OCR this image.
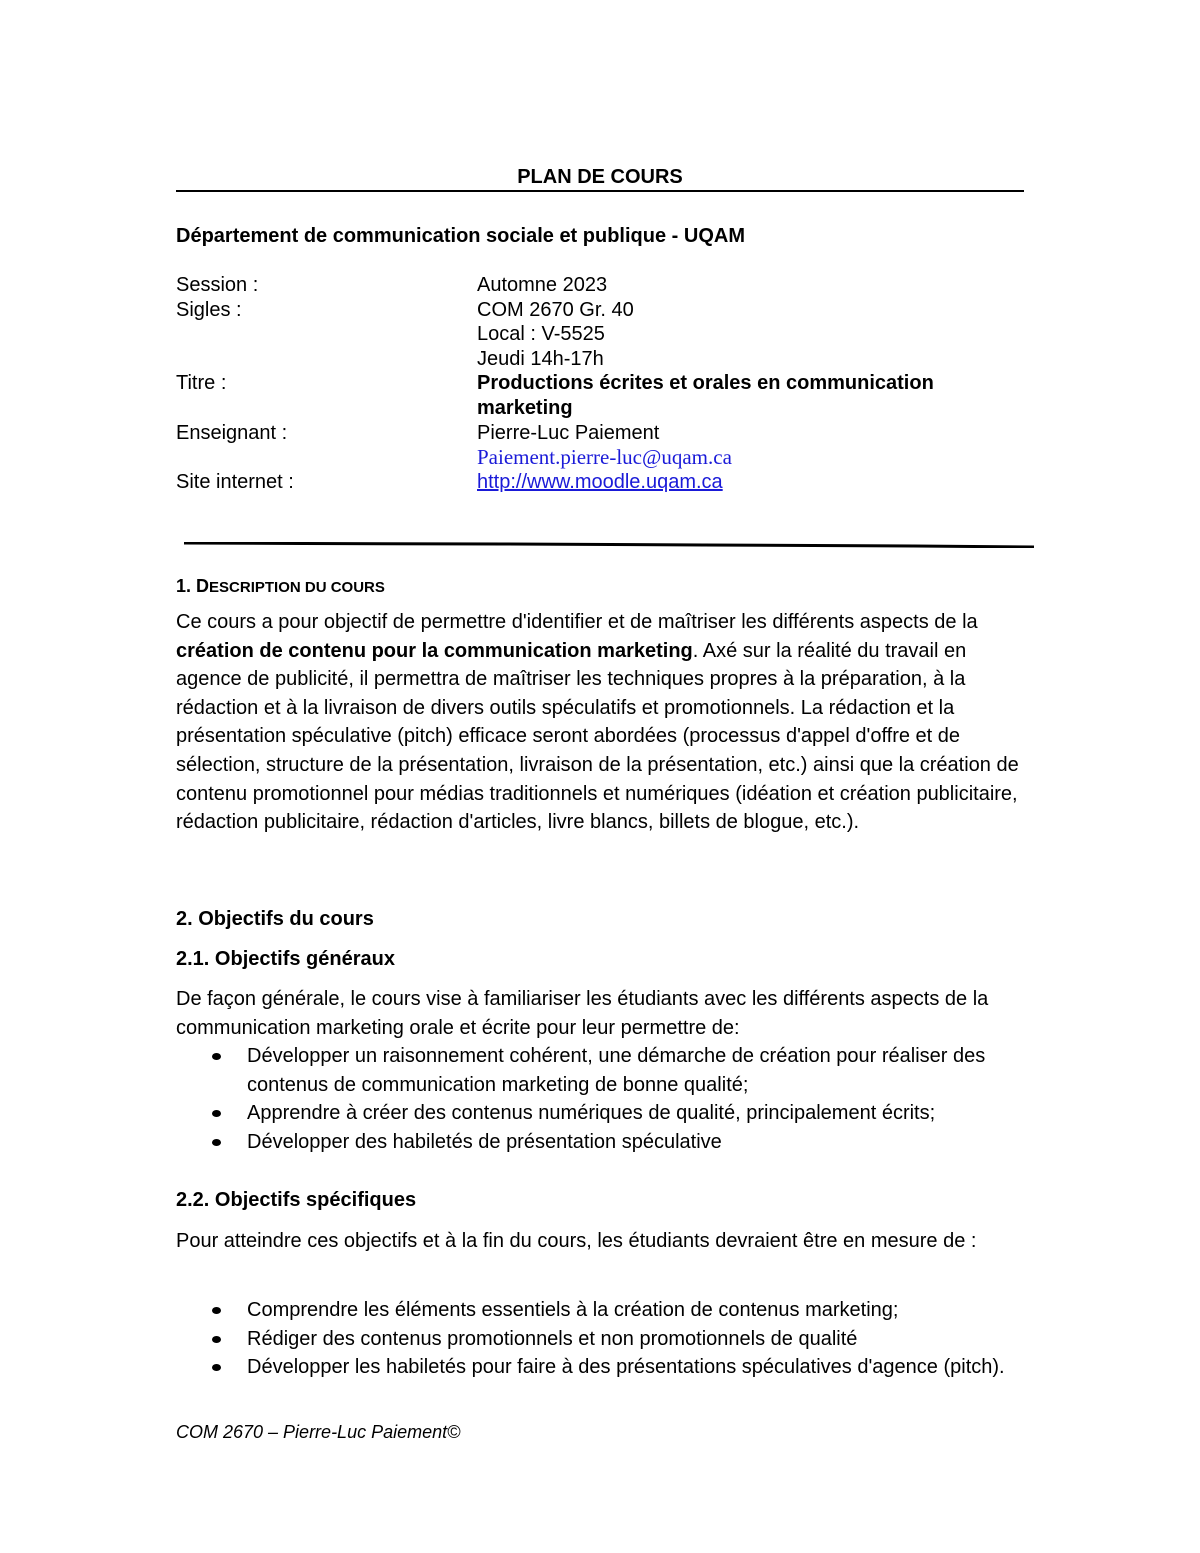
PLAN DE COURS
Département de communication sociale et publique - UQAM
Session :	Automne 2023
Sigles :	COM 2670 Gr. 40
Local : V-5525
Jeudi 14h-17h
Titre :	Productions écrites et orales en communication marketing
Enseignant :	Pierre-Luc Paiement
Paiement.pierre-luc@uqam.ca
Site internet :	http://www.moodle.uqam.ca
1. DESCRIPTION DU COURS
Ce cours a pour objectif de permettre d'identifier et de maîtriser les différents aspects de la création de contenu pour la communication marketing. Axé sur la réalité du travail en agence de publicité, il permettra de maîtriser les techniques propres à la préparation, à la rédaction et à la livraison de divers outils spéculatifs et promotionnels. La rédaction et la présentation spéculative (pitch) efficace seront abordées (processus d'appel d'offre et de sélection, structure de la présentation, livraison de la présentation, etc.) ainsi que la création de contenu promotionnel pour médias traditionnels et numériques (idéation et création publicitaire, rédaction publicitaire, rédaction d'articles, livre blancs, billets de blogue, etc.).
2. Objectifs du cours
2.1. Objectifs généraux
De façon générale, le cours vise à familiariser les étudiants avec les différents aspects de la communication marketing orale et écrite pour leur permettre de:
Développer un raisonnement cohérent, une démarche de création pour réaliser des contenus de communication marketing de bonne qualité;
Apprendre à créer des contenus numériques de qualité, principalement écrits;
Développer des habiletés de présentation spéculative
2.2. Objectifs spécifiques
Pour atteindre ces objectifs et à la fin du cours, les étudiants devraient être en mesure de :
Comprendre les éléments essentiels à la création de contenus marketing;
Rédiger des contenus promotionnels et non promotionnels de qualité
Développer les habiletés pour faire à des présentations spéculatives d'agence (pitch).
COM 2670 – Pierre-Luc Paiement©
